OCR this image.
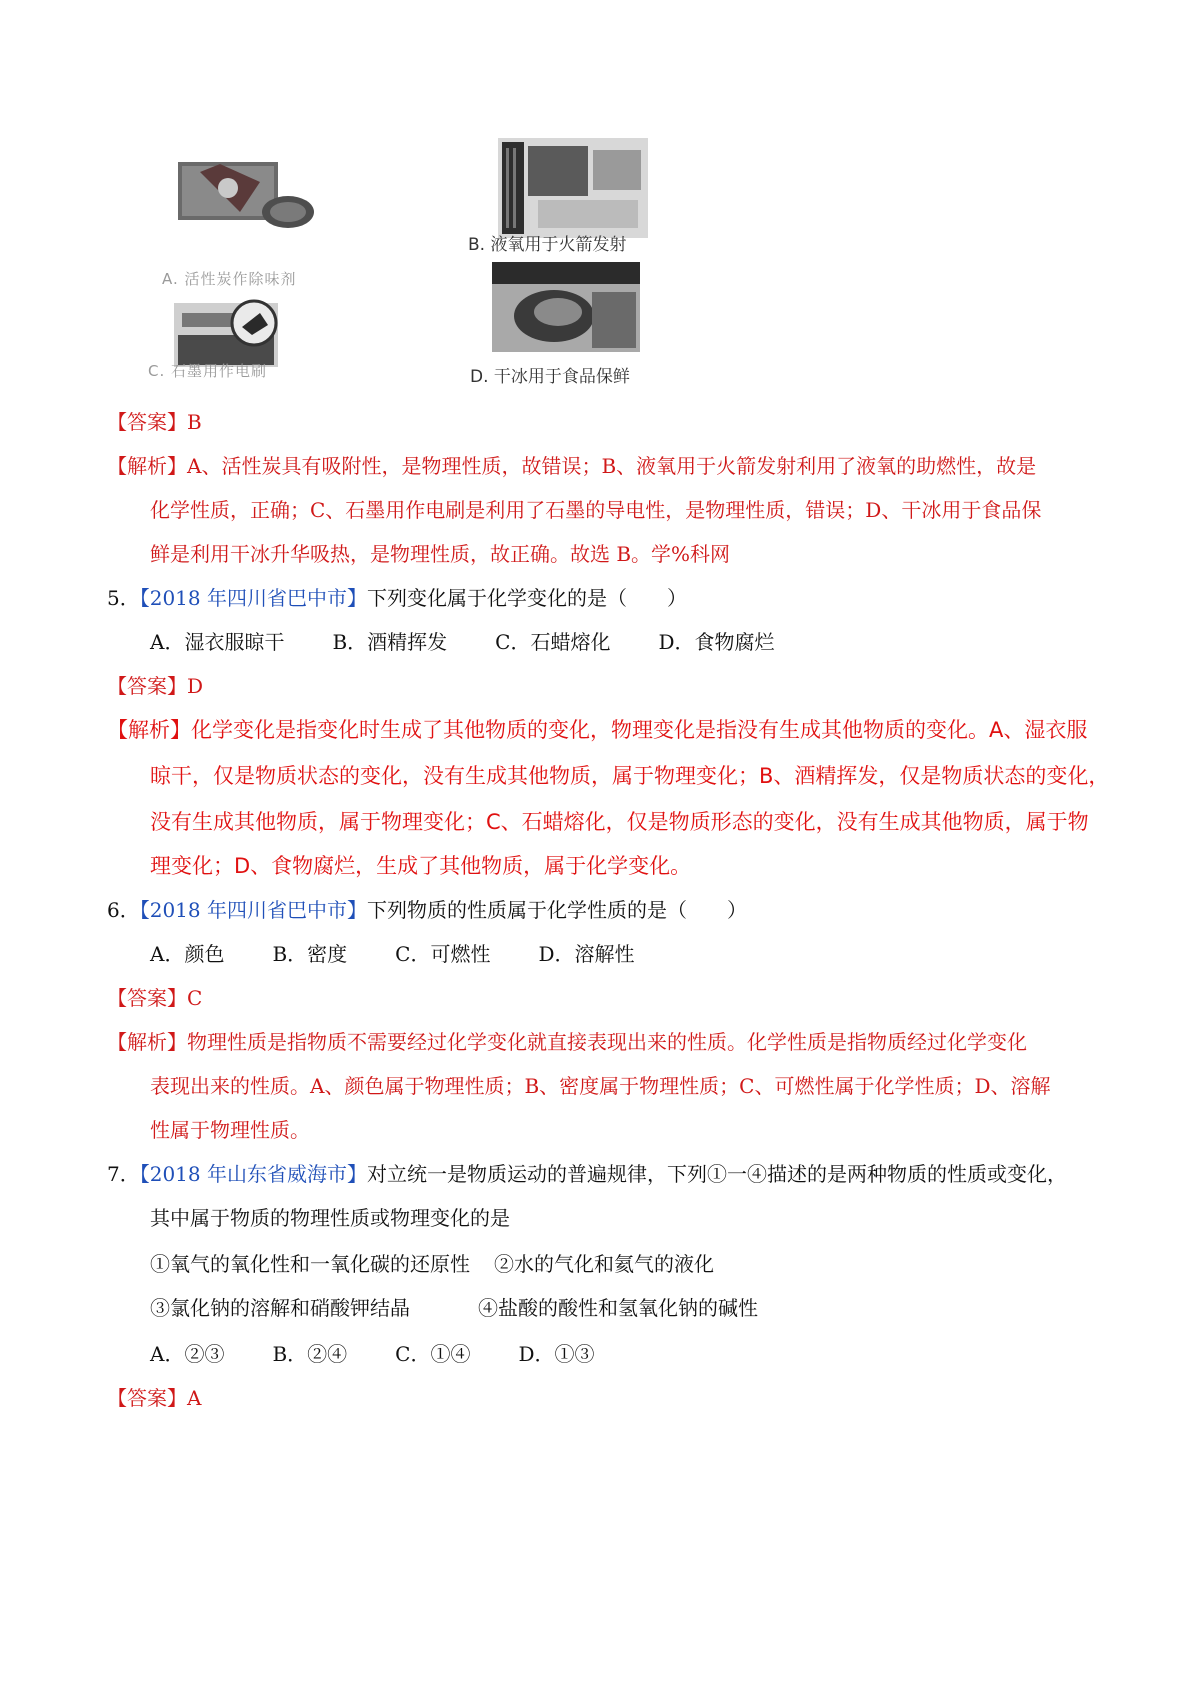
A. 活性炭作除味剂
B. 液氧用于火箭发射
C. 石墨用作电刷	D. 干冰用于食品保鲜
【答案】B
【解析】A、活性炭具有吸附性，是物理性质，故错误；B、液氧用于火箭发射利用了液氧的助燃性，故是
化学性质，正确；C、石墨用作电刷是利用了石墨的导电性，是物理性质，错误；D、干冰用于食品保
鲜是利用干冰升华吸热，是物理性质，故正确。故选 B。学%科网
5．【2018 年四川省巴中市】下列变化属于化学变化的是（　　）
A．湿衣服晾干 B．酒精挥发 C．石蜡熔化 D．食物腐烂
【答案】D
【解析】化学变化是指变化时生成了其他物质的变化，物理变化是指没有生成其他物质的变化。A、湿衣服
晾干，仅是物质状态的变化，没有生成其他物质，属于物理变化；B、酒精挥发，仅是物质状态的变化，
没有生成其他物质，属于物理变化；C、石蜡熔化，仅是物质形态的变化，没有生成其他物质，属于物
理变化；D、食物腐烂，生成了其他物质，属于化学变化。
6．【2018 年四川省巴中市】下列物质的性质属于化学性质的是（　　）
A．颜色 B．密度 C．可燃性 D．溶解性
【答案】C
【解析】物理性质是指物质不需要经过化学变化就直接表现出来的性质。化学性质是指物质经过化学变化
表现出来的性质。A、颜色属于物理性质；B、密度属于物理性质；C、可燃性属于化学性质；D、溶解
性属于物理性质。
7．【2018 年山东省威海市】对立统一是物质运动的普遍规律，下列①一④描述的是两种物质的性质或变化，
其中属于物质的物理性质或物理变化的是
①氧气的氧化性和一氧化碳的还原性 ②水的气化和氦气的液化
③氯化钠的溶解和硝酸钾结晶	④盐酸的酸性和氢氧化钠的碱性
A．②③ B．②④ C．①④ D．①③
【答案】A
